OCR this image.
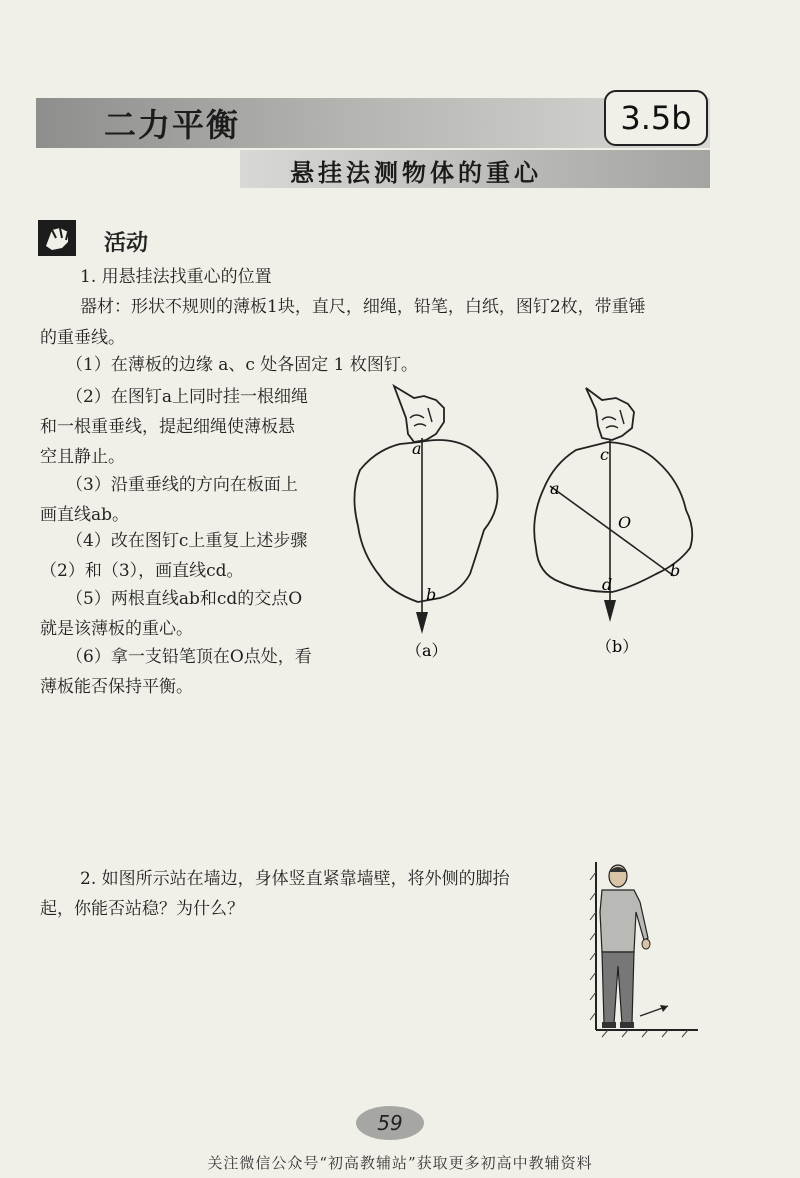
二力平衡	3.5b
悬挂法测物体的重心
活动
1. 用悬挂法找重心的位置
器材：形状不规则的薄板1块，直尺，细绳，铅笔，白纸，图钉2枚，带重锤
的重垂线。
（1）在薄板的边缘 a、c 处各固定 1 枚图钉。
（2）在图钉a上同时挂一根细绳
和一根重垂线，提起细绳使薄板悬
空且静止。
（3）沿重垂线的方向在板面上
画直线ab。
（4）改在图钉c上重复上述步骤
（2）和（3），画直线cd。
（5）两根直线ab和cd的交点O
就是该薄板的重心。
（6）拿一支铅笔顶在O点处，看
薄板能否保持平衡。
a
b
（a）
c
a
O
d
b
（b）
2. 如图所示站在墙边，身体竖直紧靠墙壁，将外侧的脚抬
起，你能否站稳？为什么？
59
关注微信公众号“初高教辅站”获取更多初高中教辅资料
